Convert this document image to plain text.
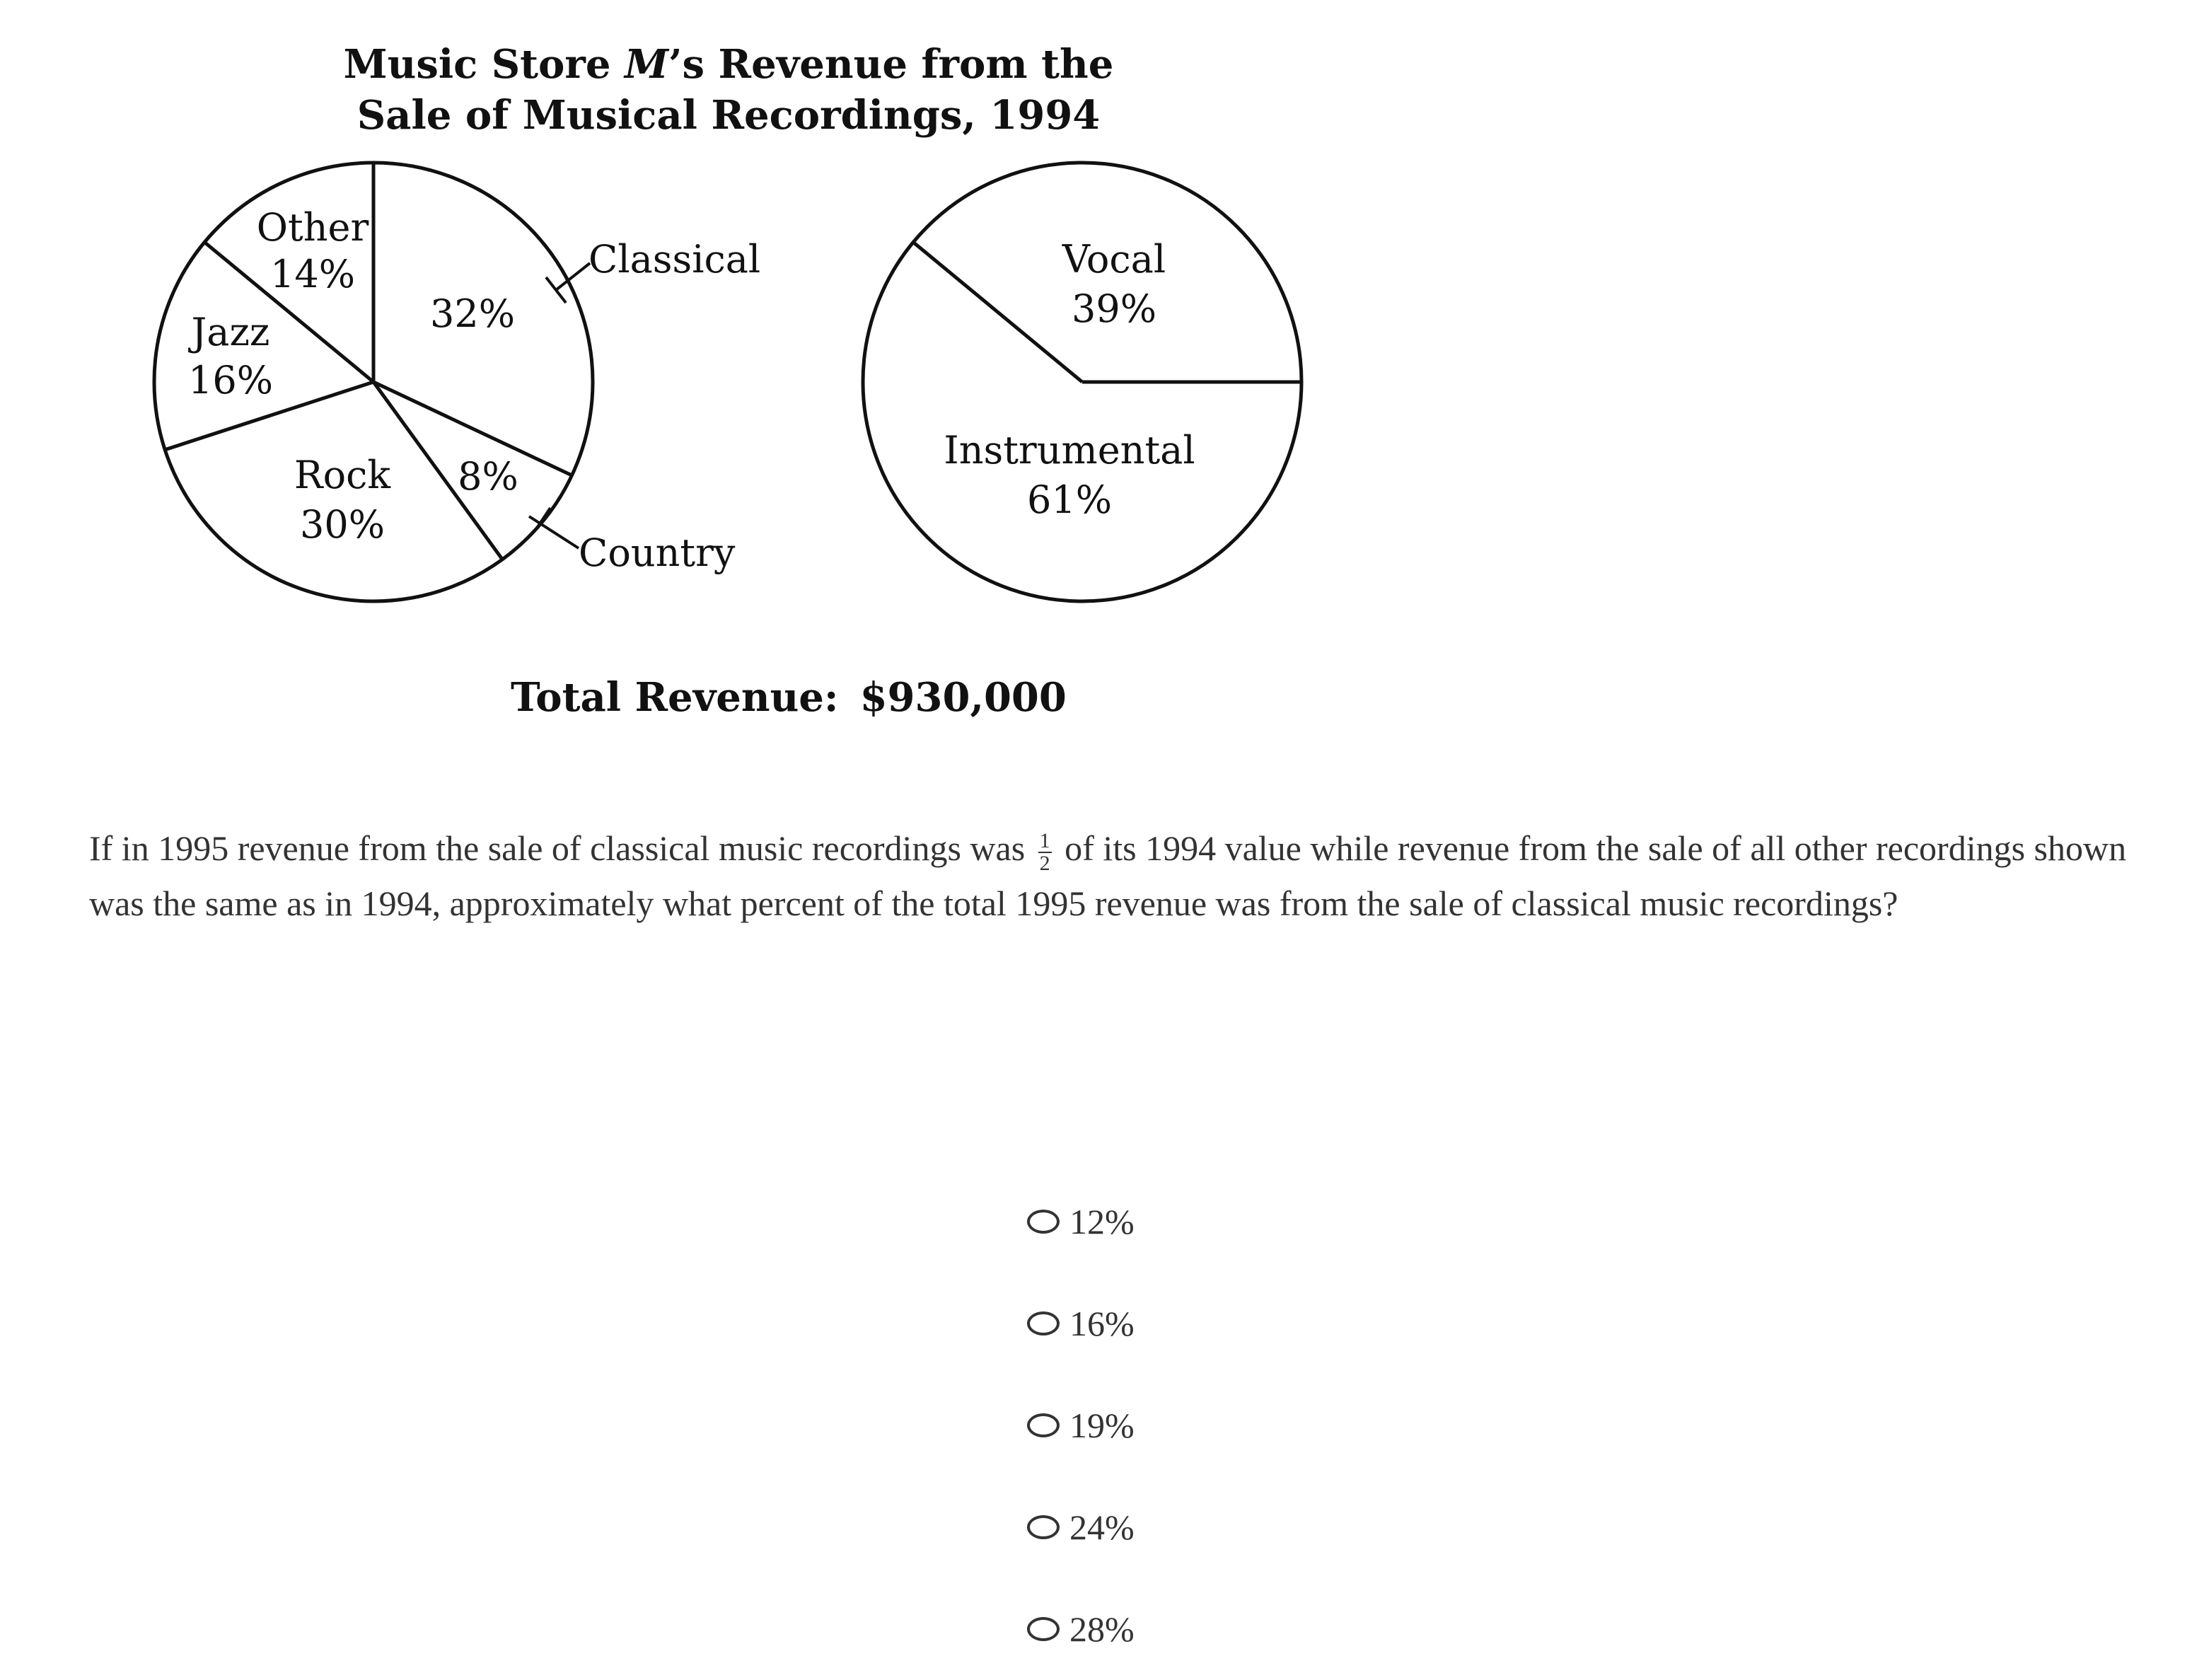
Music Store M’s Revenue from the
Sale of Musical Recordings, 1994
32%
Classical
8%
Country
Rock
30%
Jazz
16%
Other
14%	Vocal
39%
Instrumental
61%
Total Revenue: $930,000
If in 1995 revenue from the sale of classical music recordings was $\frac{1}{2}$ of its 1994 value while revenue from the sale of all other recordings shown was the same as in 1994, approximately what percent of the total 1995 revenue was from the sale of classical music recordings?
12%
16%
19%
24%
28%
